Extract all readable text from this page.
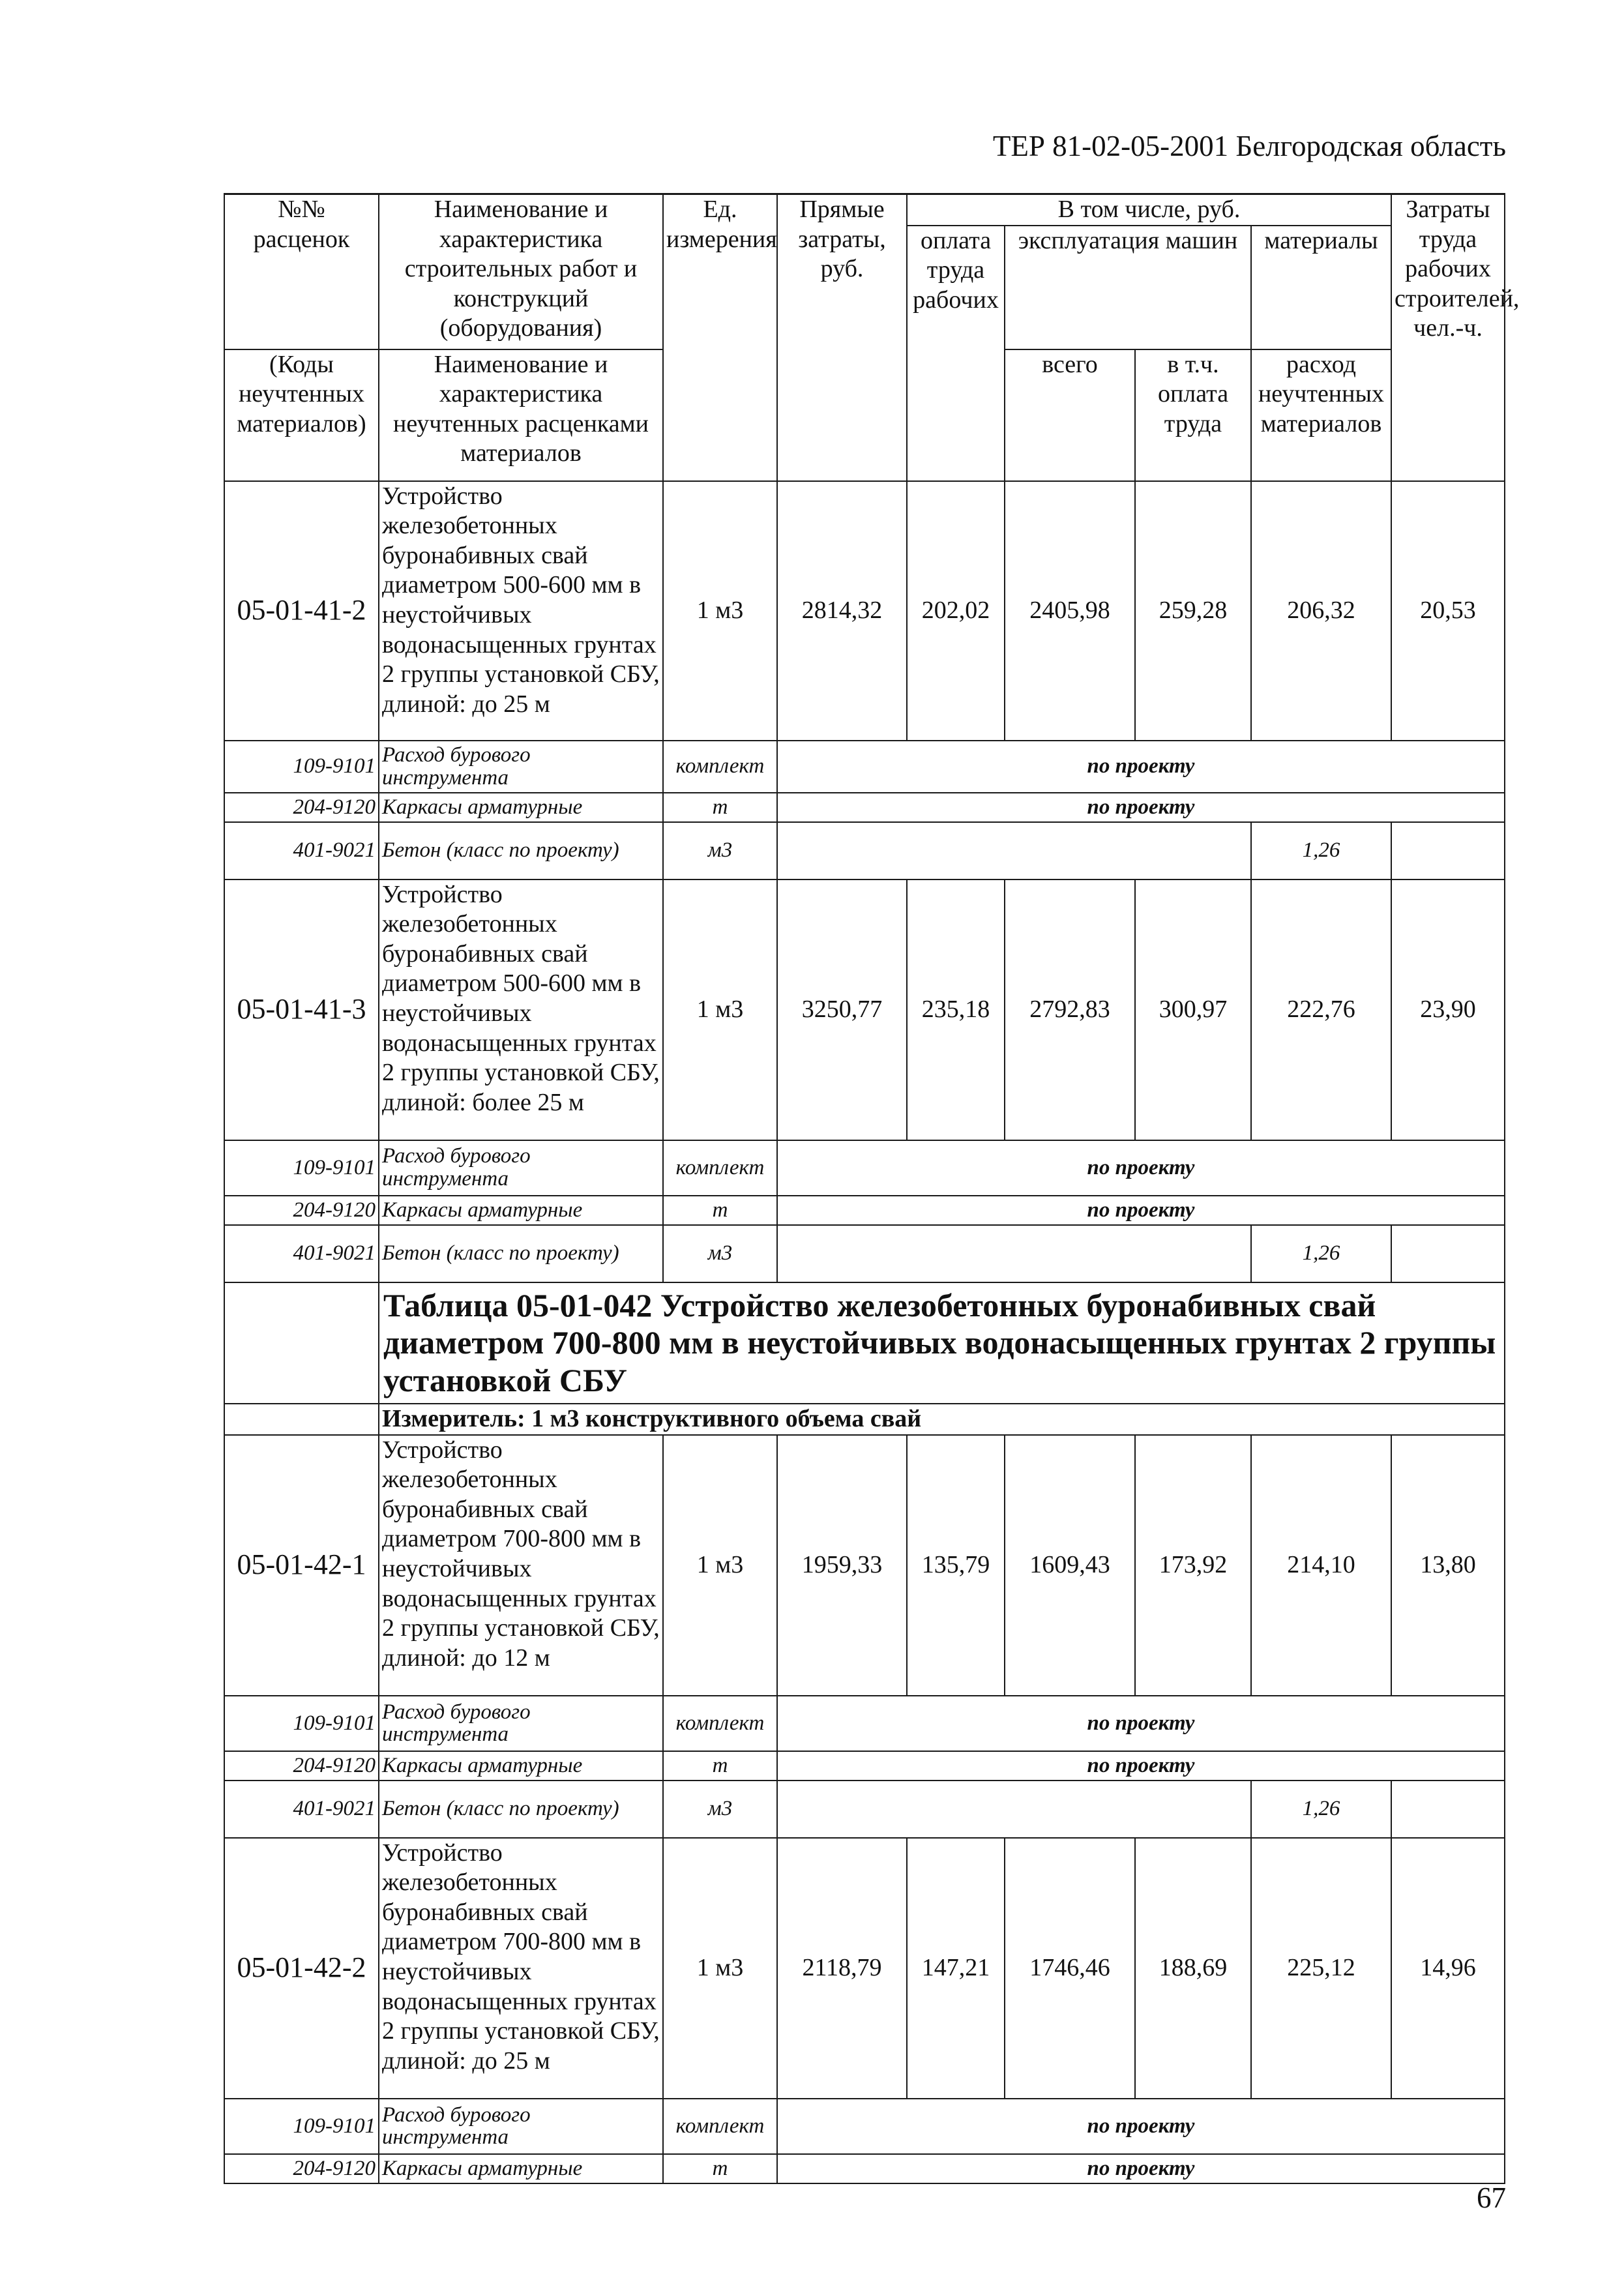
ТЕР 81-02-05-2001 Белгородская область
№№ расценок	Наименование и характеристика строительных работ и конструкций (оборудования)	Ед. измерения	Прямые затраты, руб.	В том числе, руб.				Затраты труда рабочих строителей, чел.-ч.
				оплата труда рабочих	эксплуатация машин		материалы	
(Коды неучтенных материалов)	Наименование и характеристика неучтенных расценками материалов				всего	в т.ч. оплата труда	расход неучтенных материалов	

05-01-41-2	Устройство железобетонных буронабивных свай диаметром 500-600 мм в неустойчивых водонасыщенных грунтах 2 группы установкой СБУ, длиной: до 25 м	1 м3	2814,32	202,02	2405,98	259,28	206,32	20,53
109-9101	Расход бурового инструмента	комплект	по проекту					
204-9120	Каркасы арматурные	т	по проекту					
401-9021	Бетон (класс по проекту)	м3					1,26	
05-01-41-3	Устройство железобетонных буронабивных свай диаметром 500-600 мм в неустойчивых водонасыщенных грунтах 2 группы установкой СБУ, длиной: более 25 м	1 м3	3250,77	235,18	2792,83	300,97	222,76	23,90
109-9101	Расход бурового инструмента	комплект	по проекту					
204-9120	Каркасы арматурные	т	по проекту					
401-9021	Бетон (класс по проекту)	м3					1,26	
	Таблица 05-01-042 Устройство железобетонных буронабивных свай диаметром 700-800 мм в неустойчивых водонасыщенных грунтах 2 группы установкой СБУ							
	Измеритель: 1 м3 конструктивного объема свай							
05-01-42-1	Устройство железобетонных буронабивных свай диаметром 700-800 мм в неустойчивых водонасыщенных грунтах 2 группы установкой СБУ, длиной: до 12 м	1 м3	1959,33	135,79	1609,43	173,92	214,10	13,80
109-9101	Расход бурового инструмента	комплект	по проекту					
204-9120	Каркасы арматурные	т	по проекту					
401-9021	Бетон (класс по проекту)	м3					1,26	
05-01-42-2	Устройство железобетонных буронабивных свай диаметром 700-800 мм в неустойчивых водонасыщенных грунтах 2 группы установкой СБУ, длиной: до 25 м	1 м3	2118,79	147,21	1746,46	188,69	225,12	14,96
109-9101	Расход бурового инструмента	комплект	по проекту					
204-9120	Каркасы арматурные	т	по проекту					
67
